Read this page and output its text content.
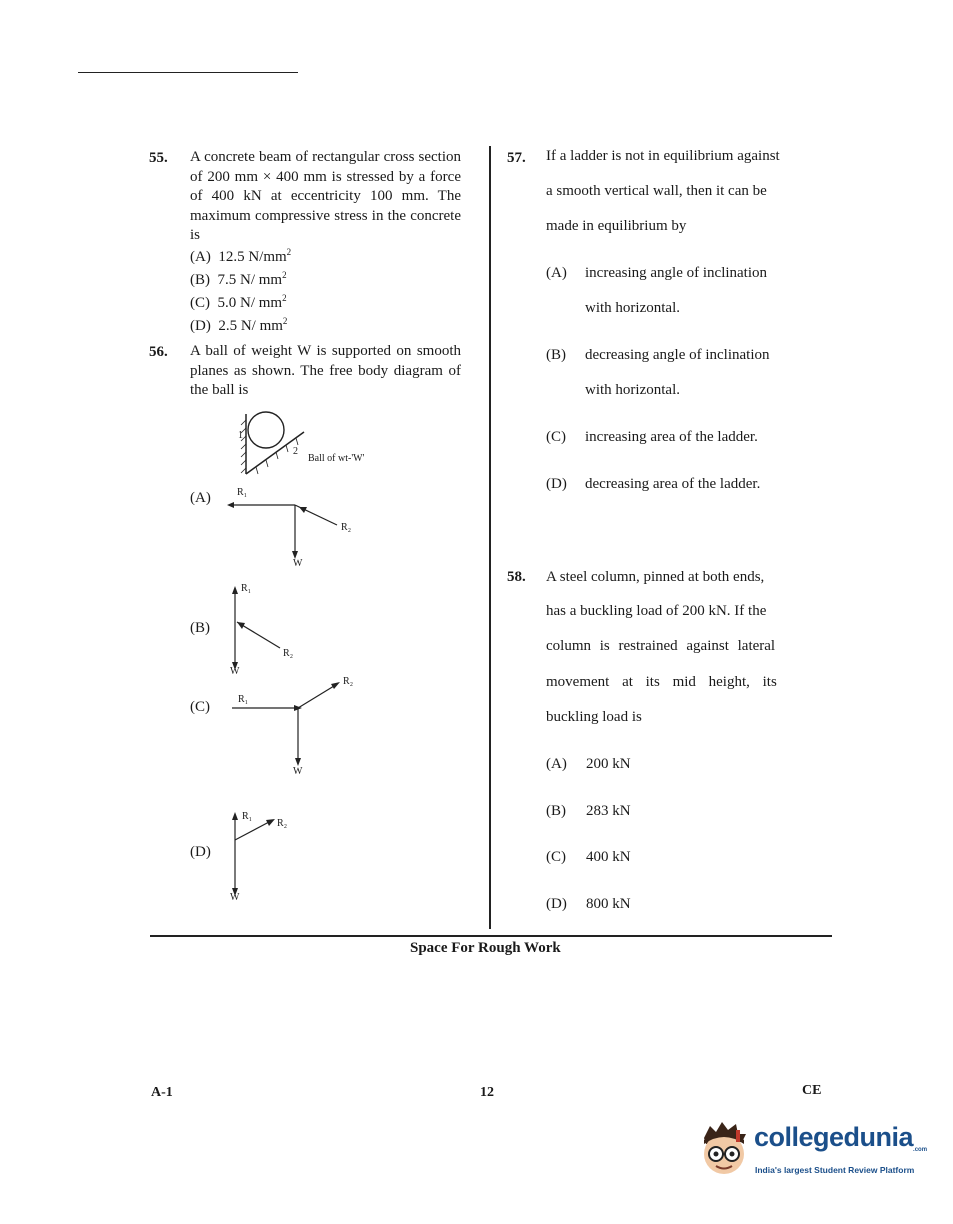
55. A concrete beam of rectangular cross section of 200 mm × 400 mm is stressed by a force of 400 kN at eccentricity 100 mm. The maximum compressive stress in the concrete is
(A) 12.5 $N/mm^2$
(B) 7.5 N/ $mm^2$
(C) 5.0 N/ $mm^2$
(D) 2.5 N/ $mm^2$
56. A ball of weight W is supported on smooth planes as shown. The free body diagram of the ball is
1
2
Ball of wt-'W'
(A)	R₁
R₂
W
(B)
R₁
R₂
W
(C)	R₁
R₂
W
(D)
R₁
R₂
W
57. If a ladder is not in equilibrium against
a smooth vertical wall, then it can be
made in equilibrium by
(A) increasing angle of inclination
with horizontal.
(B) decreasing angle of inclination
with horizontal.
(C) increasing area of the ladder.
(D) decreasing area of the ladder.
58. A steel column, pinned at both ends,
has a buckling load of 200 kN. If the
column is restrained against lateral
movement at its mid height, its
buckling load is
(A) 200 kN
(B) 283 kN
(C) 400 kN
(D) 800 kN
Space For Rough Work
A-1	12	CE
collegedunia.com
India's largest Student Review Platform
